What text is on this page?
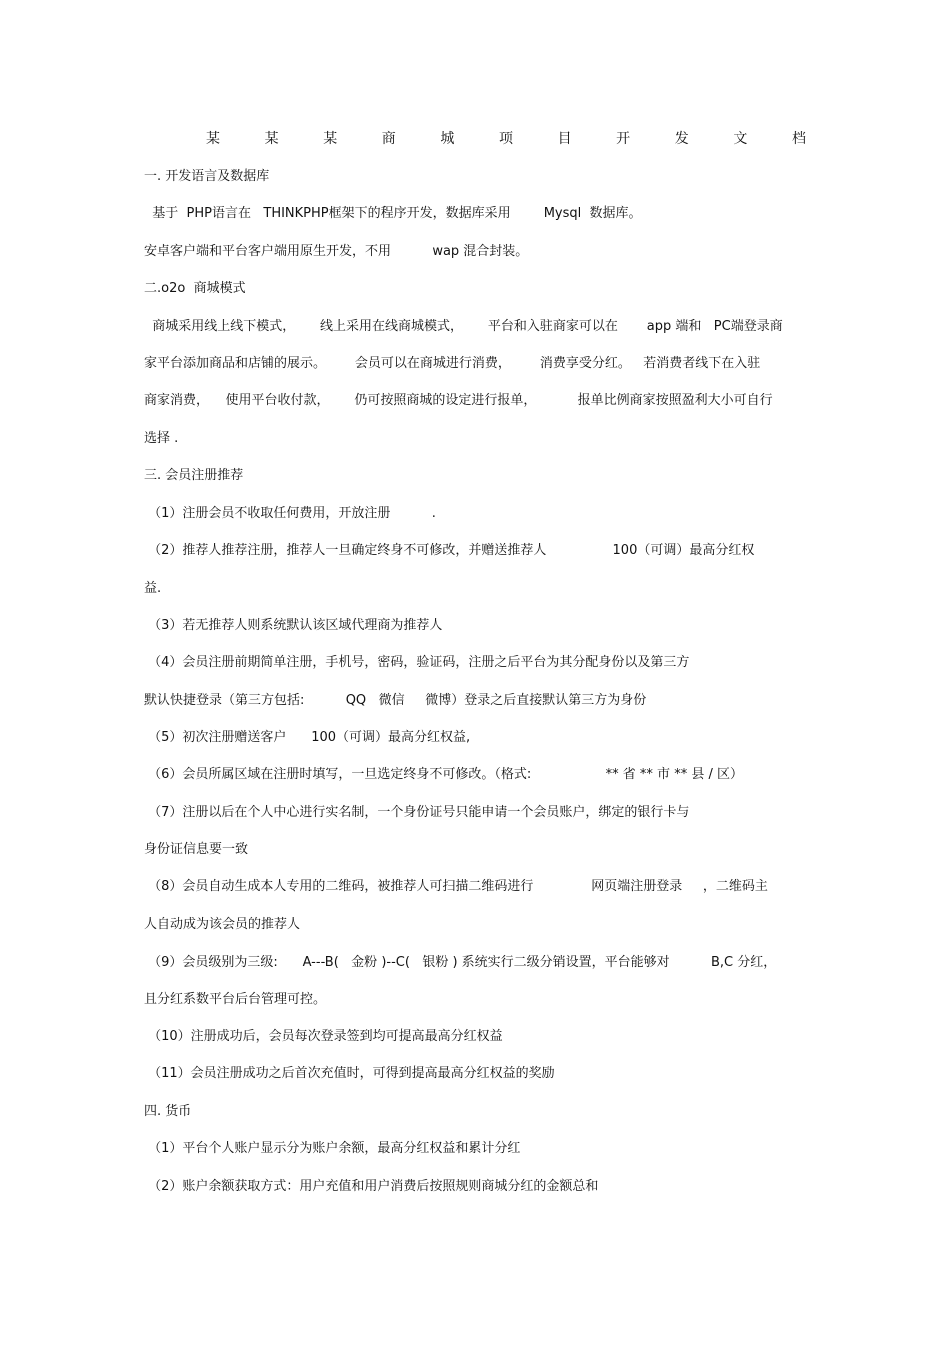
某	某	某	商	城	项	目	开	发	文	档
一. 开发语言及数据库
基于  PHP语言在   THINKPHP框架下的程序开发，数据库采用        Mysql  数据库。
安卓客户端和平台客户端用原生开发，不用          wap 混合封装。
二.o2o  商城模式
商城采用线上线下模式，      线上采用在线商城模式，      平台和入驻商家可以在       app 端和   PC端登录商
家平台添加商品和店铺的展示。       会员可以在商城进行消费，       消费享受分红。   若消费者线下在入驻
商家消费，    使用平台收付款，      仍可按照商城的设定进行报单，          报单比例商家按照盈利大小可自行
选择 .
三. 会员注册推荐
（1）注册会员不收取任何费用，开放注册          .
（2）推荐人推荐注册，推荐人一旦确定终身不可修改，并赠送推荐人                100（可调）最高分红权
益.
（3）若无推荐人则系统默认该区域代理商为推荐人
（4）会员注册前期简单注册，手机号，密码，验证码，注册之后平台为其分配身份以及第三方
默认快捷登录（第三方包括:          QQ   微信     微博）登录之后直接默认第三方为身份
（5）初次注册赠送客户      100（可调）最高分红权益,
（6）会员所属区域在注册时填写，一旦选定终身不可修改。（格式:                  ** 省 ** 市 ** 县 / 区）
（7）注册以后在个人中心进行实名制，一个身份证号只能申请一个会员账户，绑定的银行卡与
身份证信息要一致
（8）会员自动生成本人专用的二维码，被推荐人可扫描二维码进行              网页端注册登录     ，二维码主
人自动成为该会员的推荐人
（9）会员级别为三级:      A---B(   金粉 )--C(   银粉 ) 系统实行二级分销设置，平台能够对          B,C 分红，
且分红系数平台后台管理可控。
（10）注册成功后，会员每次登录签到均可提高最高分红权益
（11）会员注册成功之后首次充值时，可得到提高最高分红权益的奖励
四. 货币
（1）平台个人账户显示分为账户余额，最高分红权益和累计分红
（2）账户余额获取方式：用户充值和用户消费后按照规则商城分红的金额总和
